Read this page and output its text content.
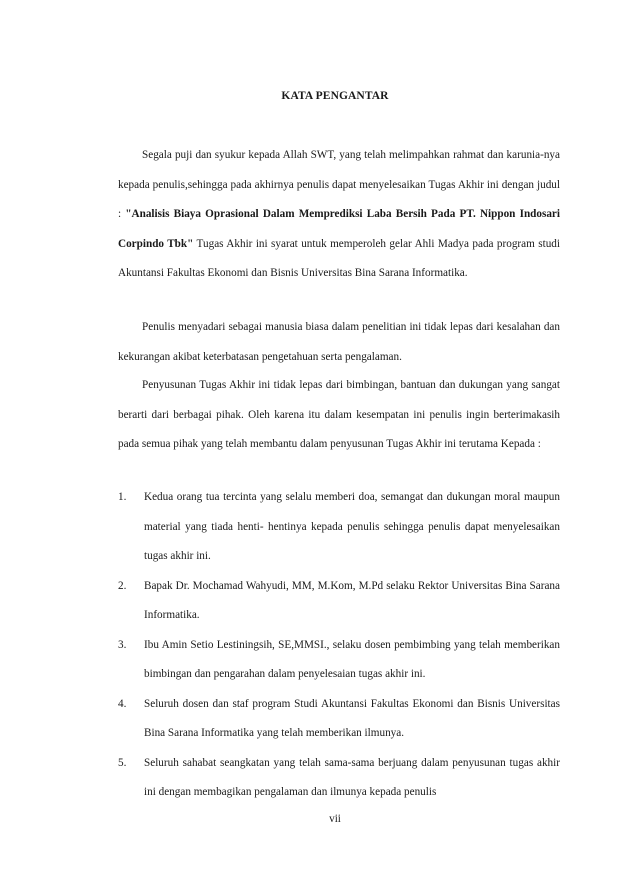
KATA PENGANTAR

Segala puji dan syukur kepada Allah SWT, yang telah melimpahkan rahmat dan karunia-nya kepada penulis,sehingga pada akhirnya penulis dapat menyelesaikan Tugas Akhir ini dengan judul : "Analisis Biaya Oprasional Dalam Memprediksi Laba Bersih Pada PT. Nippon Indosari Corpindo Tbk" Tugas Akhir ini syarat untuk memperoleh gelar Ahli Madya pada program studi Akuntansi Fakultas Ekonomi dan Bisnis Universitas Bina Sarana Informatika.

Penulis menyadari sebagai manusia biasa dalam penelitian ini tidak lepas dari kesalahan dan kekurangan akibat keterbatasan pengetahuan serta pengalaman.

Penyusunan Tugas Akhir ini tidak lepas dari bimbingan, bantuan dan dukungan yang sangat berarti dari berbagai pihak. Oleh karena itu dalam kesempatan ini penulis ingin berterimakasih pada semua pihak yang telah membantu dalam penyusunan Tugas Akhir ini terutama Kepada :

1. Kedua orang tua tercinta yang selalu memberi doa, semangat dan dukungan moral maupun material yang tiada henti- hentinya kepada penulis sehingga penulis dapat menyelesaikan tugas akhir ini.
2. Bapak Dr. Mochamad Wahyudi, MM, M.Kom, M.Pd selaku Rektor Universitas Bina Sarana Informatika.
3. Ibu Amin Setio Lestiningsih, SE,MMSI., selaku dosen pembimbing yang telah memberikan bimbingan dan pengarahan dalam penyelesaian tugas akhir ini.
4. Seluruh dosen dan staf program Studi Akuntansi Fakultas Ekonomi dan Bisnis Universitas Bina Sarana Informatika yang telah memberikan ilmunya.
5. Seluruh sahabat seangkatan yang telah sama-sama berjuang dalam penyusunan tugas akhir ini dengan membagikan pengalaman dan ilmunya kepada penulis
vii
